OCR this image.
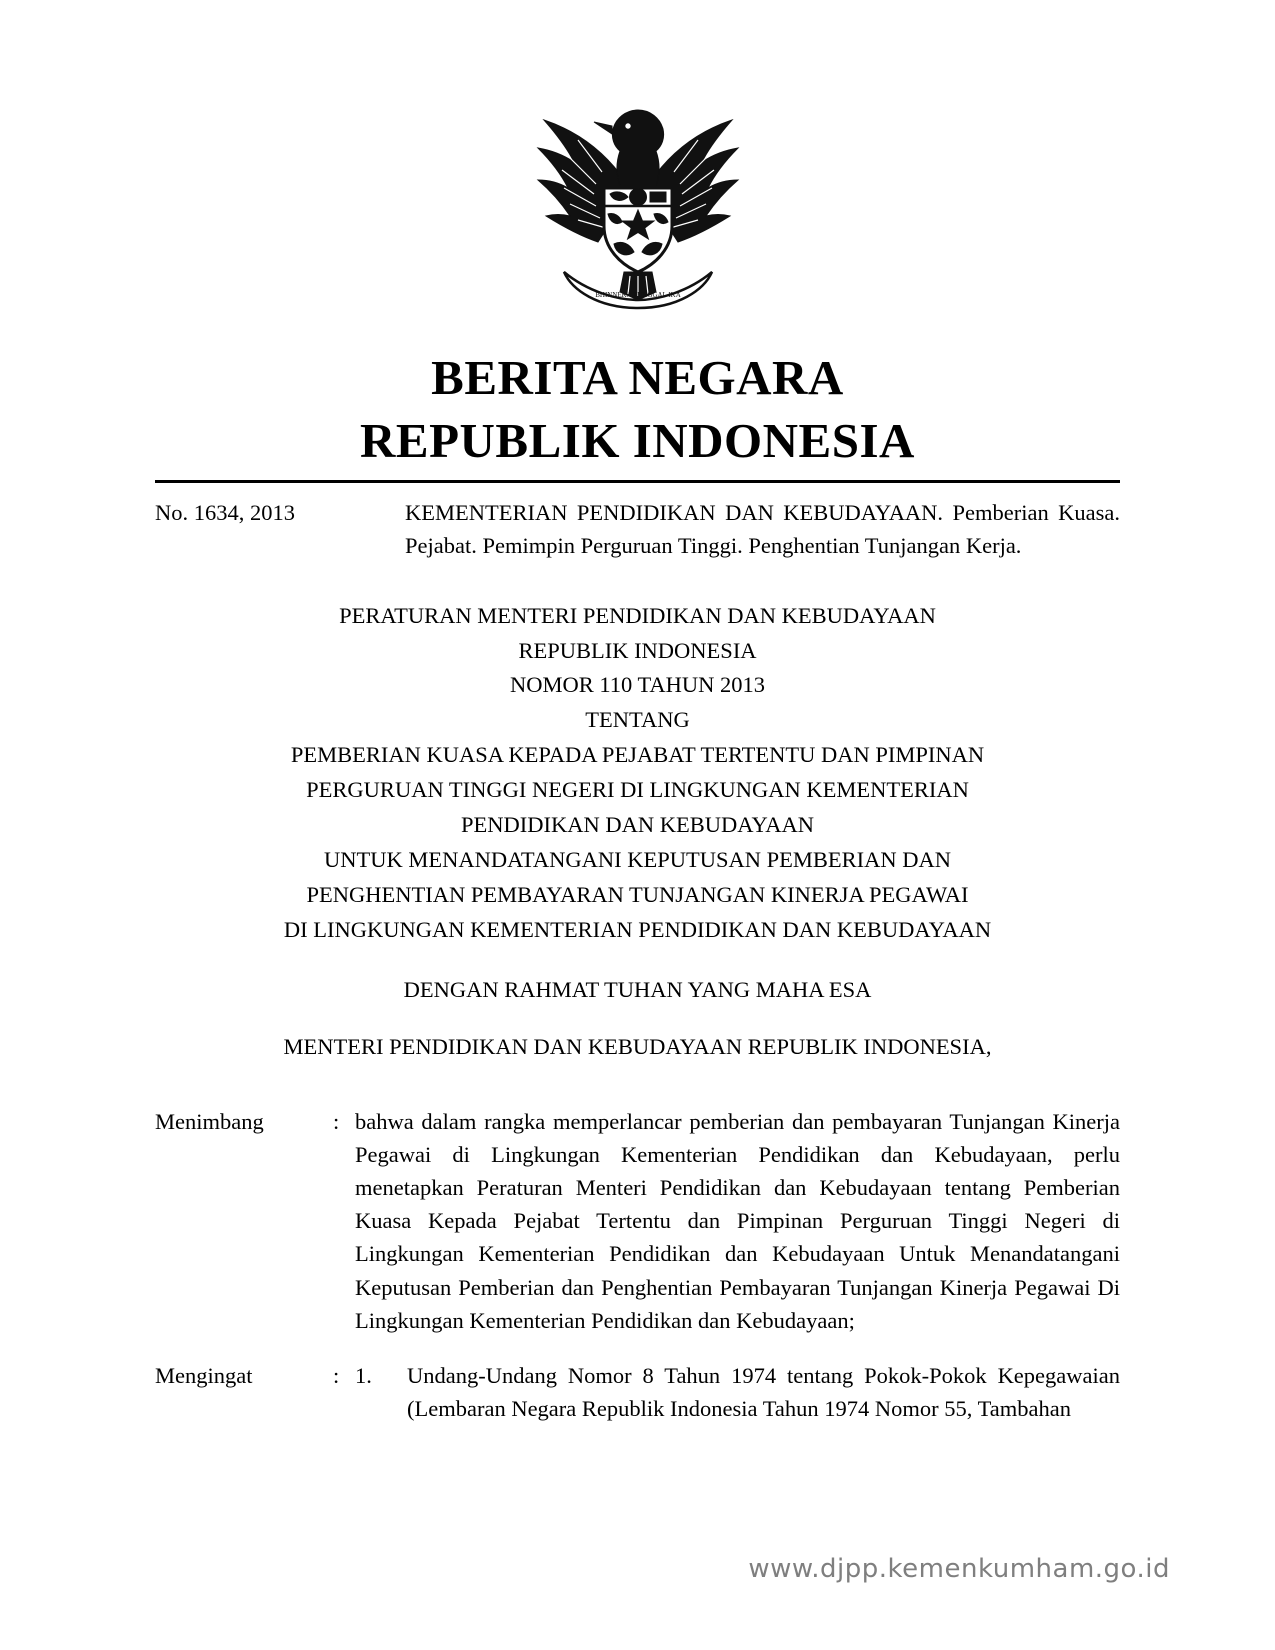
BHINNEKA TUNGGAL IKA
BERITA NEGARA
REPUBLIK INDONESIA
No. 1634, 2013	KEMENTERIAN PENDIDIKAN DAN KEBUDAYAAN. Pemberian Kuasa. Pejabat. Pemimpin Perguruan Tinggi. Penghentian Tunjangan Kerja.
PERATURAN MENTERI PENDIDIKAN DAN KEBUDAYAAN
REPUBLIK INDONESIA
NOMOR 110 TAHUN 2013
TENTANG
PEMBERIAN KUASA KEPADA PEJABAT TERTENTU DAN PIMPINAN
PERGURUAN TINGGI NEGERI DI LINGKUNGAN KEMENTERIAN
PENDIDIKAN DAN KEBUDAYAAN
UNTUK MENANDATANGANI KEPUTUSAN PEMBERIAN DAN
PENGHENTIAN PEMBAYARAN TUNJANGAN KINERJA PEGAWAI
DI LINGKUNGAN KEMENTERIAN PENDIDIKAN DAN KEBUDAYAAN
DENGAN RAHMAT TUHAN YANG MAHA ESA
MENTERI PENDIDIKAN DAN KEBUDAYAAN REPUBLIK INDONESIA,
Menimbang	: bahwa dalam rangka memperlancar pemberian dan pembayaran Tunjangan Kinerja Pegawai di Lingkungan Kementerian Pendidikan dan Kebudayaan, perlu menetapkan Peraturan Menteri Pendidikan dan Kebudayaan tentang Pemberian Kuasa Kepada Pejabat Tertentu dan Pimpinan Perguruan Tinggi Negeri di Lingkungan Kementerian Pendidikan dan Kebudayaan Untuk Menandatangani Keputusan Pemberian dan Penghentian Pembayaran Tunjangan Kinerja Pegawai Di Lingkungan Kementerian Pendidikan dan Kebudayaan;
Mengingat	: 1.	Undang-Undang Nomor 8 Tahun 1974 tentang Pokok-Pokok Kepegawaian (Lembaran Negara Republik Indonesia Tahun 1974 Nomor 55, Tambahan
www.djpp.kemenkumham.go.id
